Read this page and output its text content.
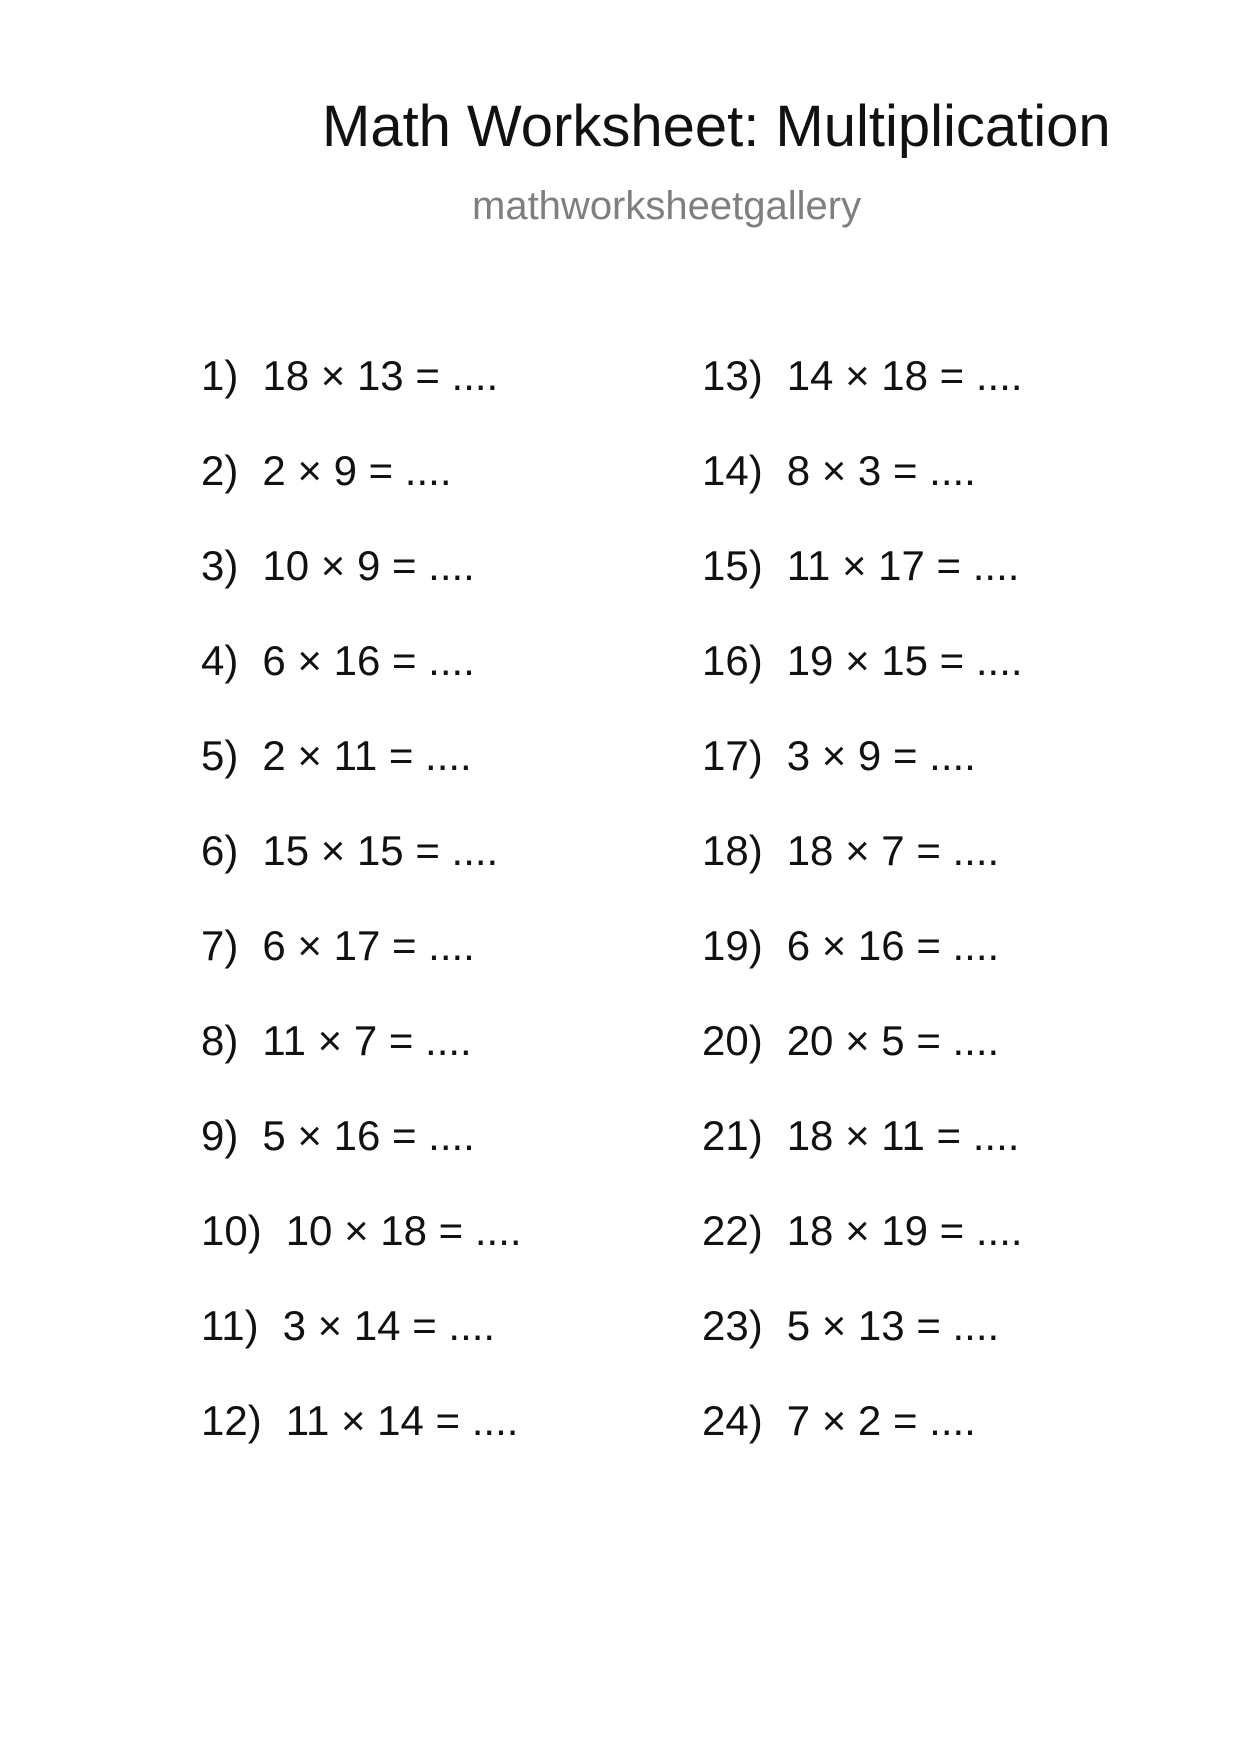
Math Worksheet: Multiplication
mathworksheetgallery
1) 18 × 13 = ....
2) 2 × 9 = ....
3) 10 × 9 = ....
4) 6 × 16 = ....
5) 2 × 11 = ....
6) 15 × 15 = ....
7) 6 × 17 = ....
8) 11 × 7 = ....
9) 5 × 16 = ....
10) 10 × 18 = ....
11) 3 × 14 = ....
12) 11 × 14 = ....
13) 14 × 18 = ....
14) 8 × 3 = ....
15) 11 × 17 = ....
16) 19 × 15 = ....
17) 3 × 9 = ....
18) 18 × 7 = ....
19) 6 × 16 = ....
20) 20 × 5 = ....
21) 18 × 11 = ....
22) 18 × 19 = ....
23) 5 × 13 = ....
24) 7 × 2 = ....
